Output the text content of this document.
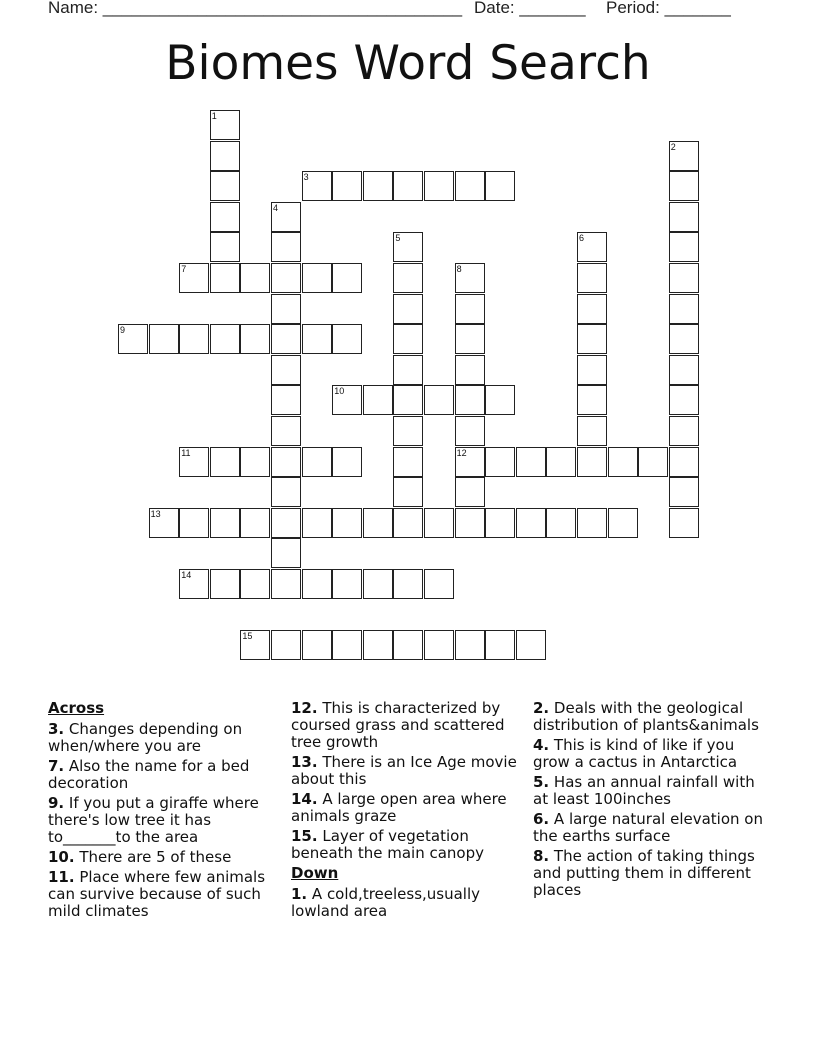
Name: ______________________________________ Date: _______ Period: _______
Biomes Word Search
1
2
3
4
5	6
7	8
9
10
11	12
13
14
15
Across
3. Changes depending on when/where you are
7. Also the name for a bed decoration
9. If you put a giraffe where there's low tree it has to_______to the area
10. There are 5 of these
11. Place where few animals can survive because of such mild climates
12. This is characterized by coursed grass and scattered tree growth
13. There is an Ice Age movie about this
14. A large open area where animals graze
15. Layer of vegetation beneath the main canopy
Down
1. A cold,treeless,usually lowland area
2. Deals with the geological distribution of plants&animals
4. This is kind of like if you grow a cactus in Antarctica
5. Has an annual rainfall with at least 100inches
6. A large natural elevation on the earths surface
8. The action of taking things and putting them in different places
